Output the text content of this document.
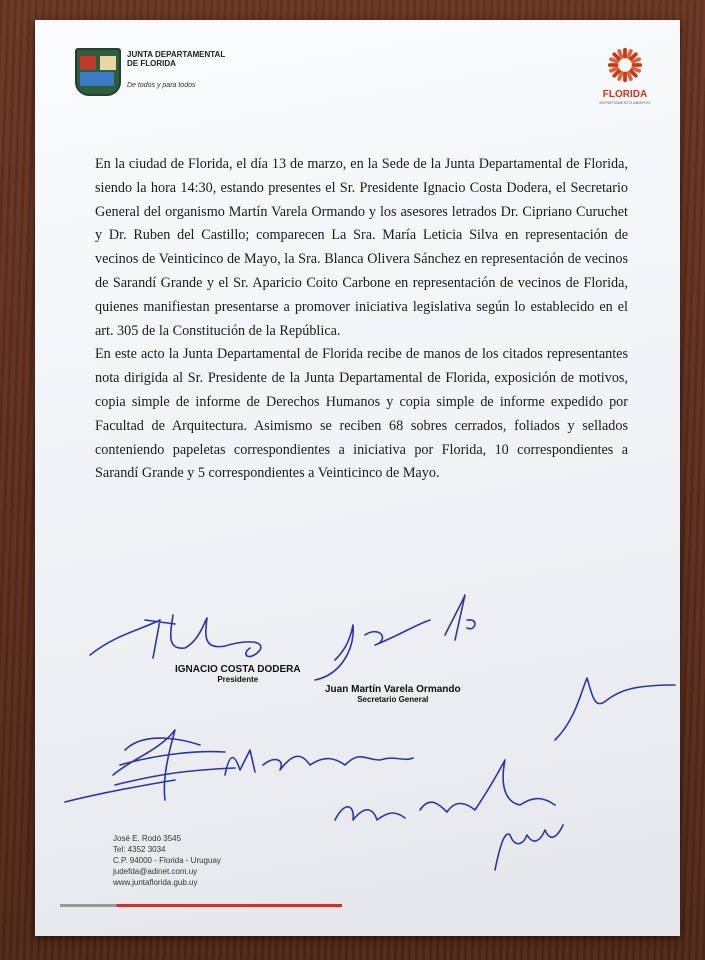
JUNTA DEPARTAMENTAL DE FLORIDA
De todos y para todos
FLORIDA
DEPARTAMENTO ABIERTO

En la ciudad de Florida, el día 13 de marzo, en la Sede de la Junta Departamental de Florida, siendo la hora 14:30, estando presentes el Sr. Presidente Ignacio Costa Dodera, el Secretario General del organismo Martín Varela Ormando y los asesores letrados Dr. Cipriano Curuchet y Dr. Ruben del Castillo; comparecen La Sra. María Leticia Silva en representación de vecinos de Veinticinco de Mayo, la Sra. Blanca Olivera Sánchez en representación de vecinos de Sarandí Grande y el Sr. Aparicio Coito Carbone en representación de vecinos de Florida, quienes manifiestan presentarse a promover iniciativa legislativa según lo establecido en el art. 305 de la Constitución de la República.

En este acto la Junta Departamental de Florida recibe de manos de los citados representantes nota dirigida al Sr. Presidente de la Junta Departamental de Florida, exposición de motivos, copia simple de informe de Derechos Humanos y copia simple de informe expedido por Facultad de Arquitectura. Asimismo se reciben 68 sobres cerrados, foliados y sellados conteniendo papeletas correspondientes a iniciativa por Florida, 10 correspondientes a Sarandí Grande y 5 correspondientes a Veinticinco de Mayo.

IGNACIO COSTA DODERA
Presidente
Juan Martín Varela Ormando
Secretario General
José E. Rodó 3545
Tel: 4352 3034
C.P. 94000 - Florida - Uruguay
judefda@adinet.com.uy
www.juntaflorida.gub.uy
